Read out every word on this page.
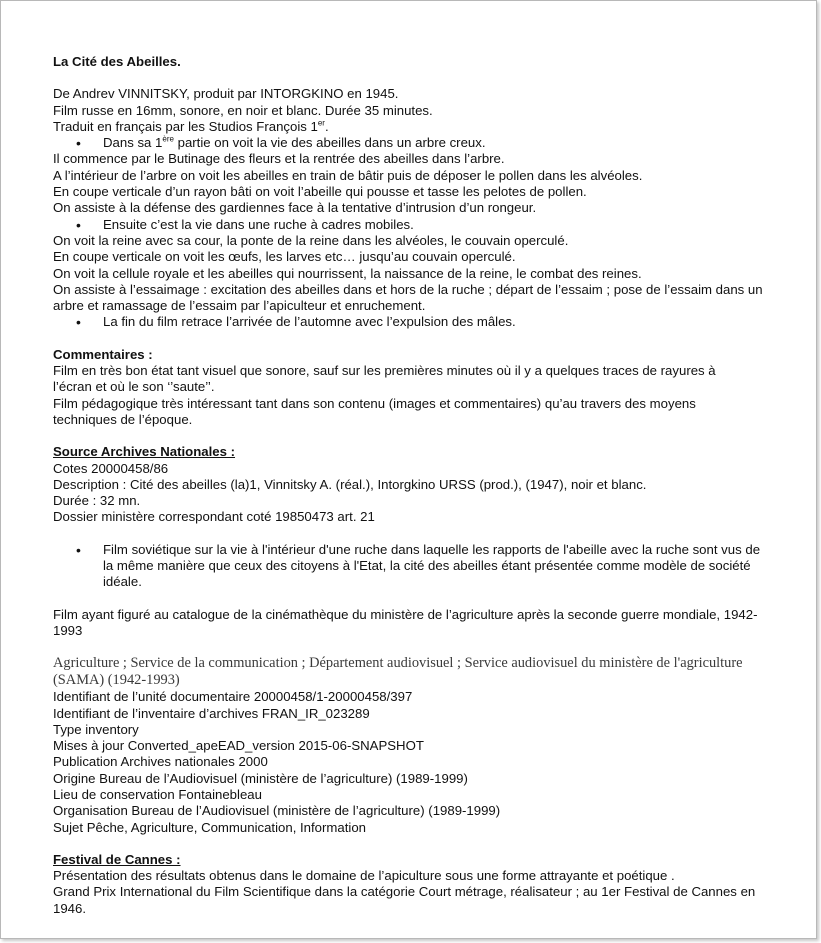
La Cité des Abeilles.
De Andrev VINNITSKY, produit par INTORGKINO en 1945.
Film russe en 16mm, sonore, en noir et blanc. Durée 35 minutes.
Traduit en français par les Studios François 1er.
• Dans sa 1ère partie on voit la vie des abeilles dans un arbre creux.
Il commence par le Butinage des fleurs et la rentrée des abeilles dans l’arbre.
A l’intérieur de l’arbre on voit les abeilles en train de bâtir puis de déposer le pollen dans les alvéoles.
En coupe verticale d’un rayon bâti on voit l’abeille qui pousse et tasse les pelotes de pollen.
On assiste à la défense des gardiennes face à la tentative d’intrusion d’un rongeur.
• Ensuite c’est la vie dans une ruche à cadres mobiles.
On voit la reine avec sa cour, la ponte de la reine dans les alvéoles, le couvain operculé.
En coupe verticale on voit les œufs, les larves etc… jusqu’au couvain operculé.
On voit la cellule royale et les abeilles qui nourrissent, la naissance de la reine, le combat des reines.
On assiste à l’essaimage : excitation des abeilles dans et hors de la ruche ; départ de l’essaim ; pose de l’essaim dans un arbre et ramassage de l’essaim par l’apiculteur et enruchement.
• La fin du film retrace l’arrivée de l’automne avec l’expulsion des mâles.
Commentaires :
Film en très bon état tant visuel que sonore, sauf sur les premières minutes où il y a quelques traces de rayures à l’écran et où le son ‘’saute’’.
Film pédagogique très intéressant tant dans son contenu (images et commentaires) qu’au travers des moyens techniques de l’époque.
Source Archives Nationales :
Cotes 20000458/86
Description : Cité des abeilles (la)1, Vinnitsky A. (réal.), Intorgkino URSS (prod.), (1947), noir et blanc.
Durée : 32 mn.
Dossier ministère correspondant coté 19850473 art. 21
• Film soviétique sur la vie à l'intérieur d'une ruche dans laquelle les rapports de l'abeille avec la ruche sont vus de la même manière que ceux des citoyens à l'Etat, la cité des abeilles étant présentée comme modèle de société idéale.
Film ayant figuré au catalogue de la cinémathèque du ministère de l’agriculture après la seconde guerre mondiale, 1942-1993
Agriculture ; Service de la communication ; Département audiovisuel ; Service audiovisuel du ministère de l'agriculture (SAMA) (1942-1993)
Identifiant de l’unité documentaire 20000458/1-20000458/397
Identifiant de l’inventaire d’archives FRAN_IR_023289
Type inventory
Mises à jour Converted_apeEAD_version 2015-06-SNAPSHOT
Publication Archives nationales 2000
Origine Bureau de l’Audiovisuel (ministère de l’agriculture) (1989-1999)
Lieu de conservation Fontainebleau
Organisation Bureau de l’Audiovisuel (ministère de l’agriculture) (1989-1999)
Sujet Pêche, Agriculture, Communication, Information
Festival de Cannes :
Présentation des résultats obtenus dans le domaine de l’apiculture sous une forme attrayante et poétique .
Grand Prix International du Film Scientifique dans la catégorie Court métrage, réalisateur ; au 1er Festival de Cannes en 1946.
